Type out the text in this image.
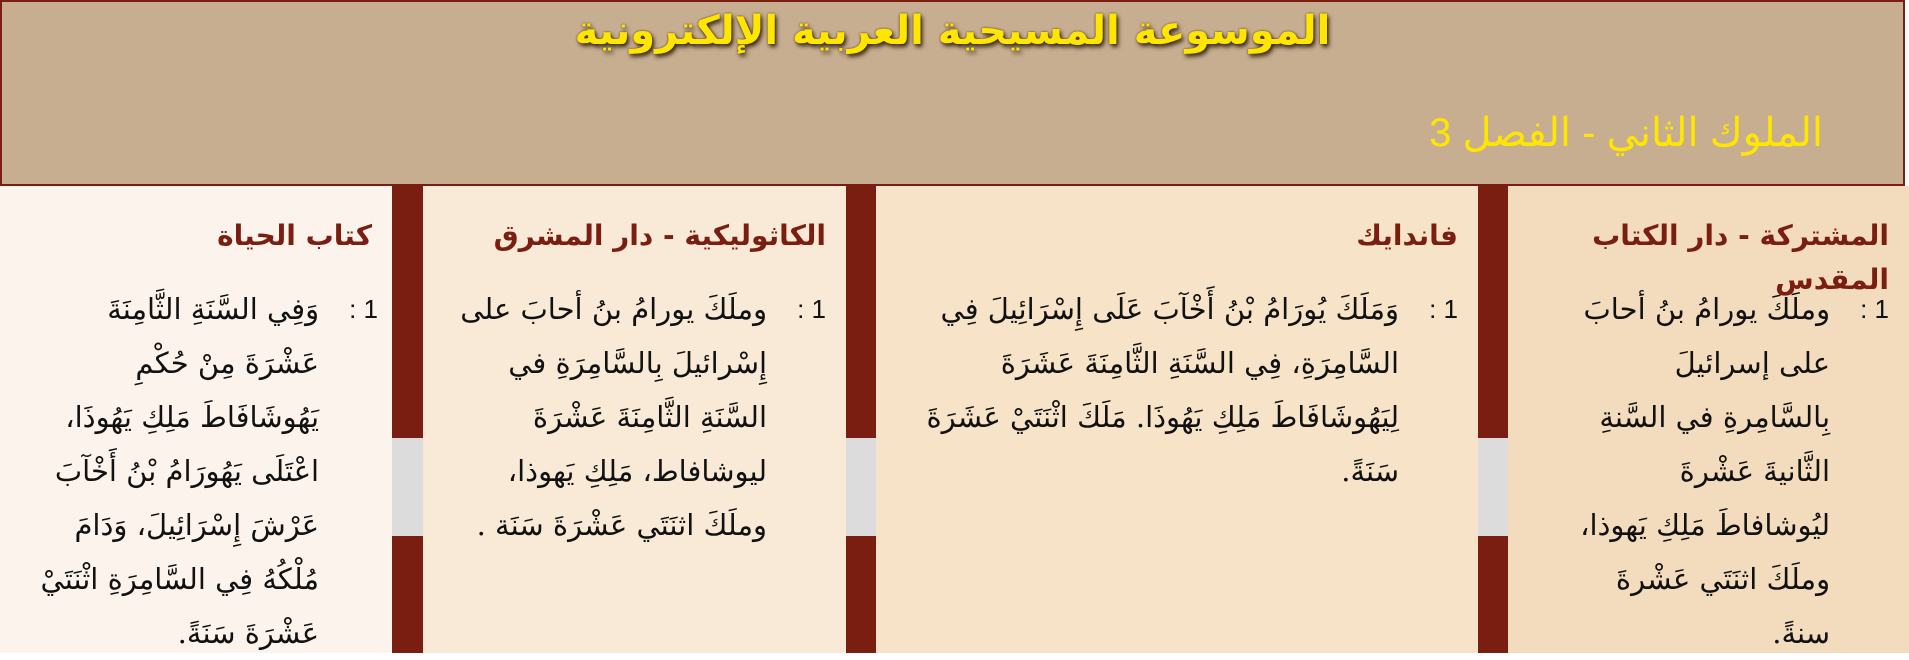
الموسوعة المسيحية العربية الإلكترونية
الملوك الثاني - الفصل 3
المشتركة - دار الكتاب المقدس
1 :
وملَكَ يورامُ بنُ أحابَ على إسرائيلَ بِالسَّامِرةِ في السَّنةِ الثَّانيةَ عَشْرةَ ليُوشافاطَ مَلِكِ يَهوذا، وملَكَ اثنَتَي عَشْرةَ سنةً.
فاندايك
1 :
وَمَلَكَ يُورَامُ بْنُ أَخْآبَ عَلَى إِسْرَائِيلَ فِي السَّامِرَةِ، فِي السَّنَةِ الثَّامِنَةَ عَشَرَةَ لِيَهُوشَافَاطَ مَلِكِ يَهُوذَا. مَلَكَ اثْنَتَيْ عَشَرَةَ سَنَةً.
الكاثوليكية - دار المشرق
1 :
وملَكَ يورامُ بنُ أحابَ على إِسْرائيلَ بِالسَّامِرَةِ في السَّنَةِ الثَّامِنَةَ عَشْرَةَ ليوشافاط، مَلِكِ يَهوذا، وملَكَ اثنَتَي عَشْرَةَ سَنَة .
كتاب الحياة
1 :
وَفِي السَّنَةِ الثَّامِنَةَ عَشْرَةَ مِنْ حُكْمِ يَهُوشَافَاطَ مَلِكِ يَهُوذَا، اعْتَلَى يَهُورَامُ بْنُ أَخْآبَ عَرْشَ إِسْرَائِيلَ، وَدَامَ مُلْكُهُ فِي السَّامِرَةِ اثْنَتَيْ عَشْرَةَ سَنَةً.
